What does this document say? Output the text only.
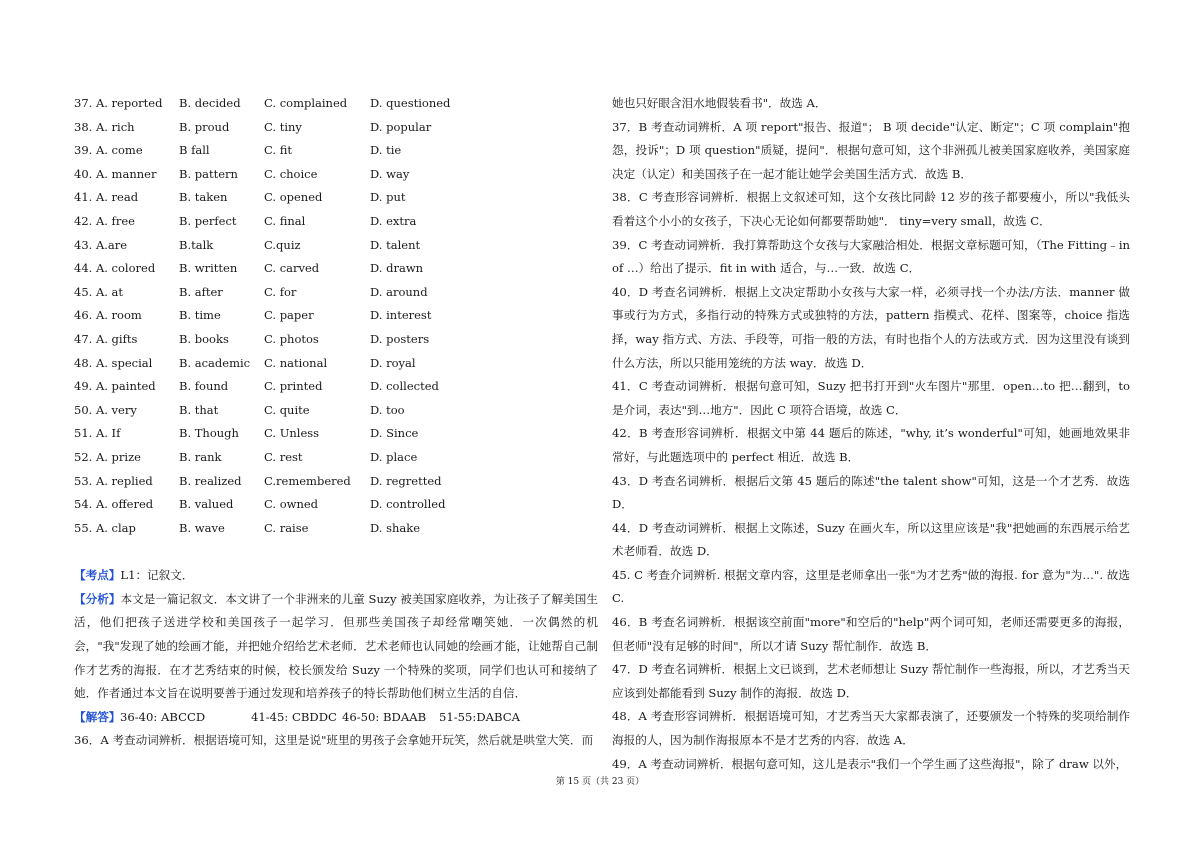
37. A. reported B. decided C. complained D. questioned
38. A. rich	B. proud	C. tiny	D. popular
39. A. come	B fall	C. fit	D. tie
40. A. manner B. pattern C. choice	D. way
41. A. read	B. taken	C. opened	D. put
42. A. free	B. perfect C. final	D. extra
43. A.are	B.talk	C.quiz	D. talent
44. A. colored B. written C. carved	D. drawn
45. A. at	B. after	C. for	D. around
46. A. room	B. time	C. paper	D. interest
47. A. gifts	B. books	C. photos	D. posters
48. A. special B. academic C. national	D. royal
49. A. painted B. found	C. printed	D. collected
50. A. very	B. that	C. quite	D. too
51. A. If	B. Though C. Unless	D. Since
52. A. prize	B. rank	C. rest	D. place
53. A. replied B. realized C.remembered D. regretted
54. A. offered B. valued	C. owned	D. controlled
55. A. clap	B. wave	C. raise	D. shake

【考点】L1：记叙文．

【分析】本文是一篇记叙文．本文讲了一个非洲来的儿童 Suzy 被美国家庭收养，为让孩子了解美国生活，他们把孩子送进学校和美国孩子一起学习．但那些美国孩子却经常嘲笑她．一次偶然的机会，"我"发现了她的绘画才能，并把她介绍给艺术老师．艺术老师也认同她的绘画才能，让她帮自己制作才艺秀的海报．在才艺秀结束的时候，校长颁发给 Suzy 一个特殊的奖项，同学们也认可和接纳了她．作者通过本文旨在说明要善于通过发现和培养孩子的特长帮助他们树立生活的自信．

【解答】 36-40: ABCCD	41-45: CBDDC 46-50: BDAAB 51-55:DABCA

36．A 考查动词辨析．根据语境可知，这里是说"班里的男孩子会拿她开玩笑，然后就是哄堂大笑．而

她也只好眼含泪水地假装看书"．故选 A．

37．B 考查动词辨析．A 项 report"报告、报道"； B 项 decide"认定、断定"；C 项 complain"抱怨，投诉"；D 项 question"质疑，提问"．根据句意可知，这个非洲孤儿被美国家庭收养，美国家庭决定（认定）和美国孩子在一起才能让她学会美国生活方式．故选 B．

38．C 考查形容词辨析．根据上文叙述可知，这个女孩比同龄 12 岁的孩子都要瘦小，所以"我低头看着这个小小的女孩子，下决心无论如何都要帮助她"． tiny=very small，故选 C．

39．C 考查动词辨析．我打算帮助这个女孩与大家融洽相处．根据文章标题可知，（The Fitting﹣in of …）给出了提示．fit in with 适合，与…一致．故选 C．

40．D 考查名词辨析．根据上文决定帮助小女孩与大家一样，必须寻找一个办法/方法．manner 做事或行为方式，多指行动的特殊方式或独特的方法，pattern 指模式、花样、图案等，choice 指选择，way 指方式、方法、手段等，可指一般的方法，有时也指个人的方法或方式．因为这里没有谈到什么方法，所以只能用笼统的方法 way．故选 D．

41．C 考查动词辨析．根据句意可知，Suzy 把书打开到"火车图片"那里．open…to 把…翻到，to 是介词，表达"到…地方"．因此 C 项符合语境，故选 C．

42．B 考查形容词辨析．根据文中第 44 题后的陈述，"why, it’s wonderful"可知，她画地效果非常好，与此题选项中的 perfect 相近．故选 B．

43．D 考查名词辨析．根据后文第 45 题后的陈述"the talent show"可知，这是一个才艺秀．故选 D．

44．D 考查动词辨析．根据上文陈述，Suzy 在画火车，所以这里应该是"我"把她画的东西展示给艺术老师看．故选 D．

45. C 考查介词辨析. 根据文章内容，这里是老师拿出一张"为才艺秀"做的海报. for 意为"为…". 故选 C.

46．B 考查名词辨析．根据该空前面"more"和空后的"help"两个词可知，老师还需要更多的海报，但老师"没有足够的时间"，所以才请 Suzy 帮忙制作．故选 B．

47．D 考查名词辨析．根据上文已谈到，艺术老师想让 Suzy 帮忙制作一些海报，所以，才艺秀当天应该到处都能看到 Suzy 制作的海报．故选 D．

48．A 考查形容词辨析．根据语境可知，才艺秀当天大家都表演了，还要颁发一个特殊的奖项给制作海报的人，因为制作海报原本不是才艺秀的内容．故选 A．

49．A 考查动词辨析．根据句意可知，这儿是表示"我们一个学生画了这些海报"，除了 draw 以外，

第 15 页（共 23 页）
